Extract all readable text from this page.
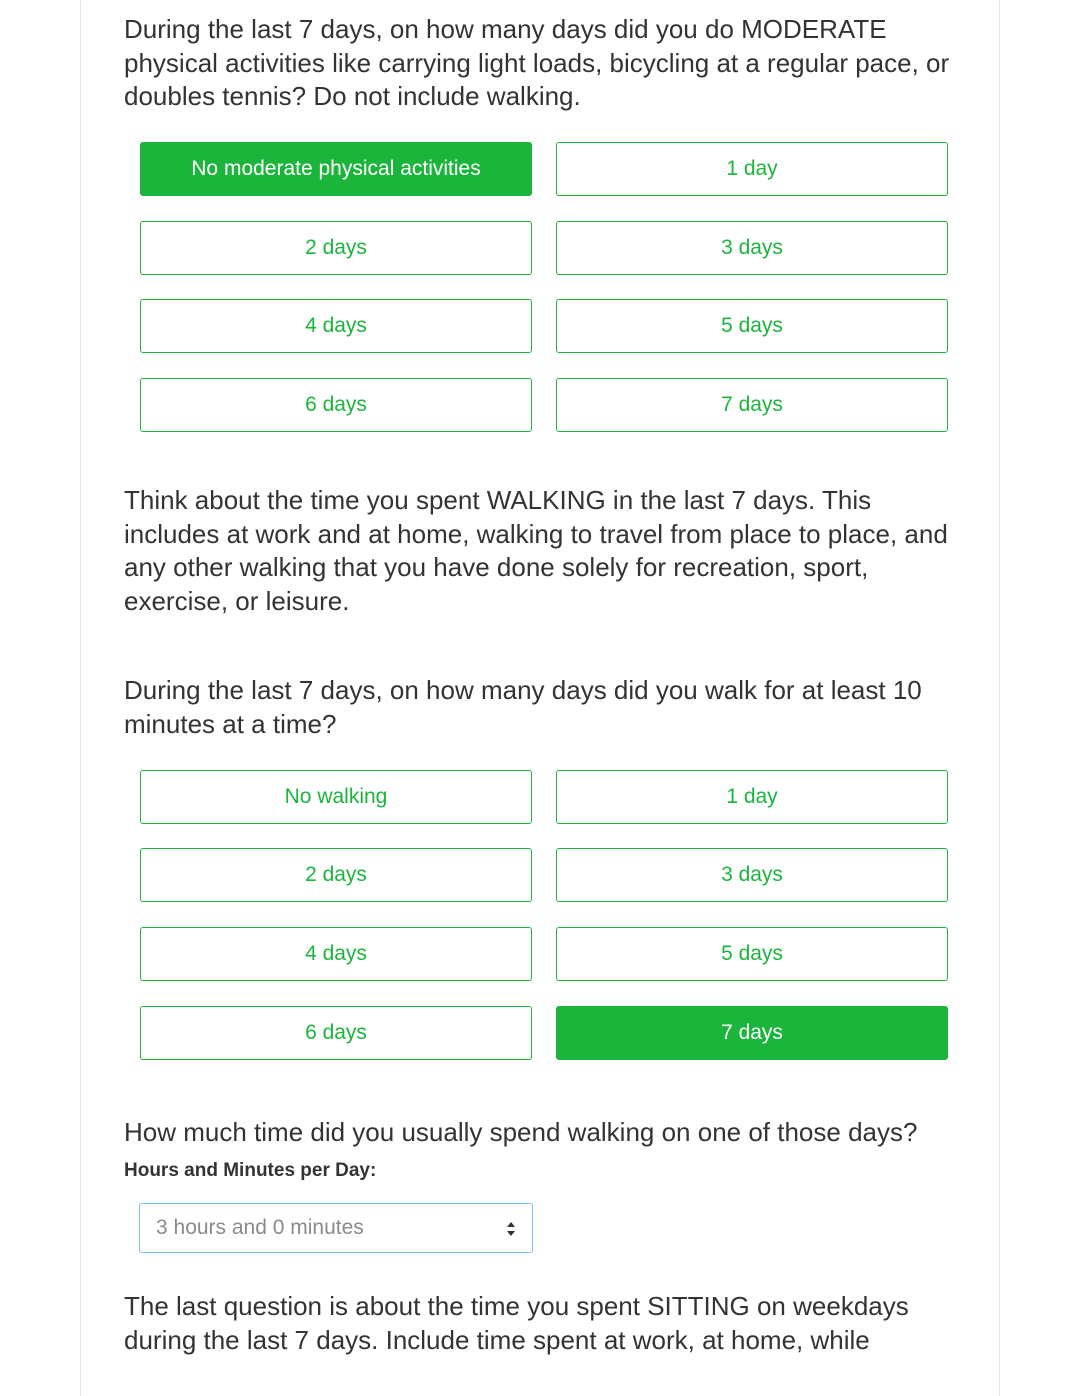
During the last 7 days, on how many days did you do MODERATE physical activities like carrying light loads, bicycling at a regular pace, or doubles tennis? Do not include walking.

No moderate physical activities	1 day
2 days	3 days
4 days	5 days
6 days	7 days

Think about the time you spent WALKING in the last 7 days. This includes at work and at home, walking to travel from place to place, and any other walking that you have done solely for recreation, sport, exercise, or leisure.

During the last 7 days, on how many days did you walk for at least 10 minutes at a time?

No walking	1 day
2 days	3 days
4 days	5 days
6 days	7 days

How much time did you usually spend walking on one of those days?

Hours and Minutes per Day:

3 hours and 0 minutes

The last question is about the time you spent SITTING on weekdays during the last 7 days. Include time spent at work, at home, while
